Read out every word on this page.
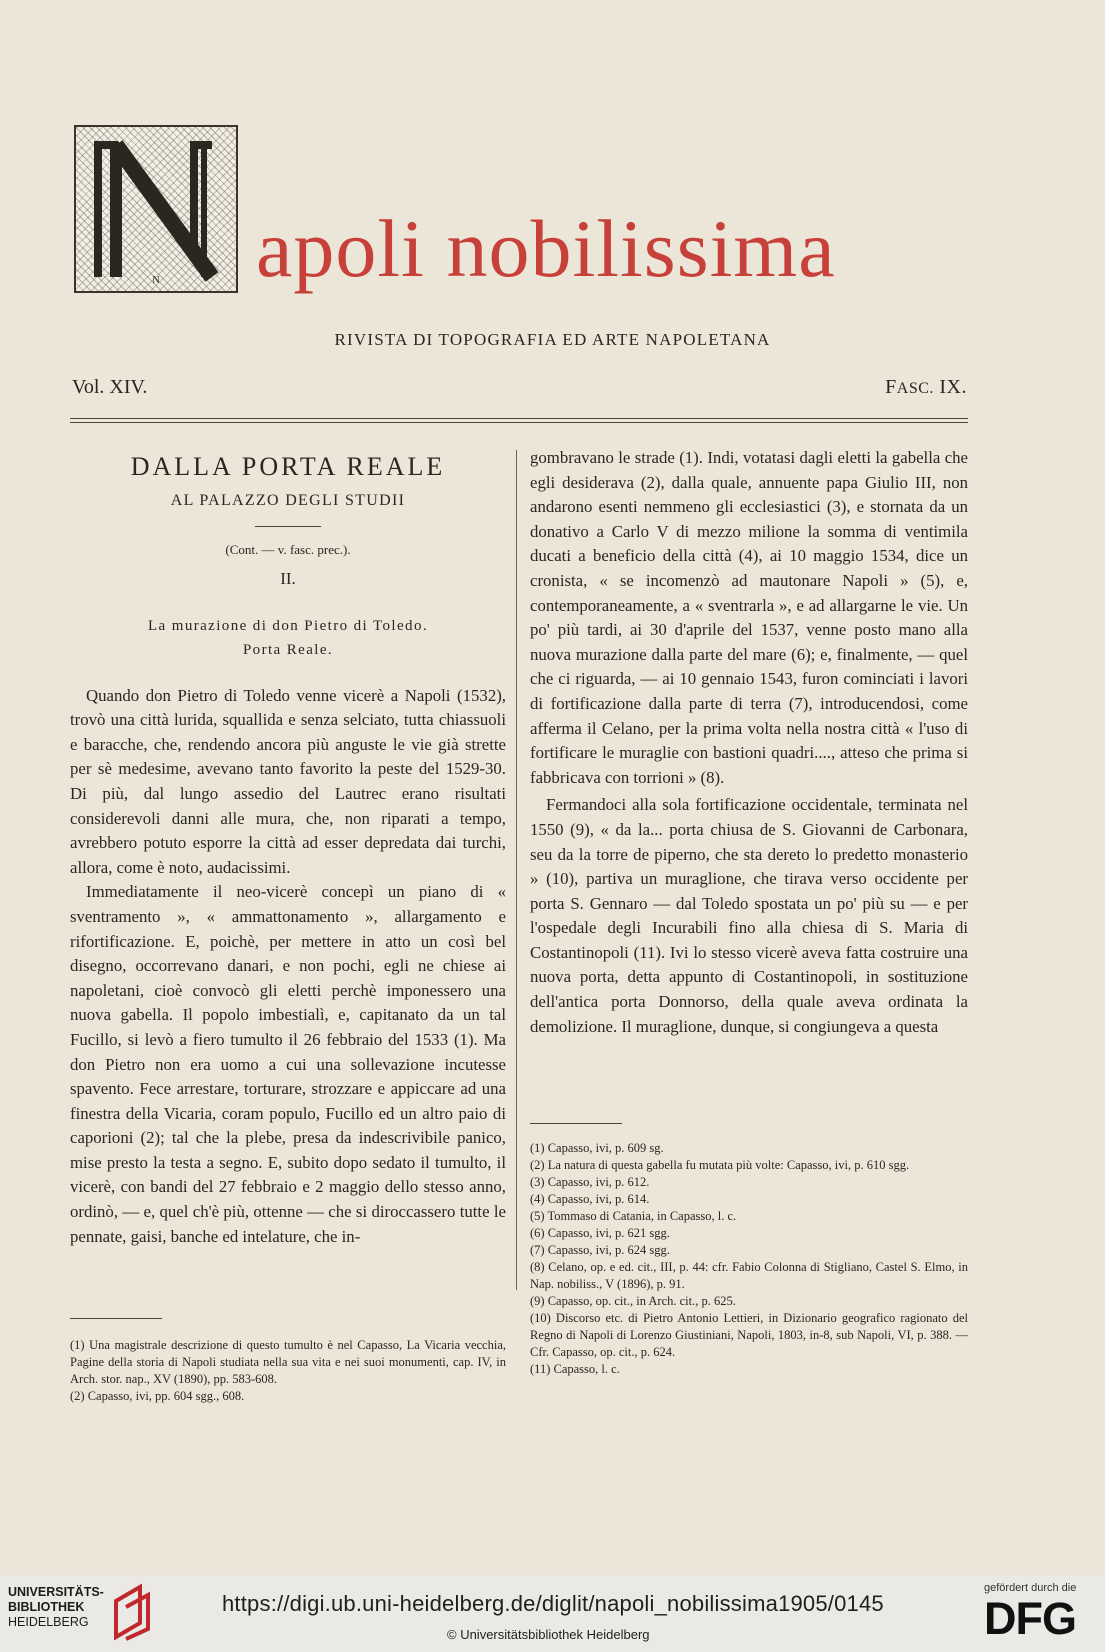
N apoli nobilissima
RIVISTA DI TOPOGRAFIA ED ARTE NAPOLETANA
Vol. XIV.	FASC. IX.
DALLA PORTA REALE
AL PALAZZO DEGLI STUDII
(Cont. — v. fasc. prec.).
II.
La murazione di don Pietro di Toledo.
Porta Reale.

Quando don Pietro di Toledo venne vicerè a Napoli (1532), trovò una città lurida, squallida e senza selciato, tutta chiassuoli e baracche, che, rendendo ancora più anguste le vie già strette per sè medesime, avevano tanto favorito la peste del 1529-30. Di più, dal lungo assedio del Lautrec erano risultati considerevoli danni alle mura, che, non riparati a tempo, avrebbero potuto esporre la città ad esser depredata dai turchi, allora, come è noto, audacissimi.

Immediatamente il neo-vicerè concepì un piano di « sventramento », « ammattonamento », allargamento e rifortificazione. E, poichè, per mettere in atto un così bel disegno, occorrevano danari, e non pochi, egli ne chiese ai napoletani, cioè convocò gli eletti perchè imponessero una nuova gabella. Il popolo imbestialì, e, capitanato da un tal Fucillo, si levò a fiero tumulto il 26 febbraio del 1533 (1). Ma don Pietro non era uomo a cui una sollevazione incutesse spavento. Fece arrestare, torturare, strozzare e appiccare ad una finestra della Vicaria, coram populo, Fucillo ed un altro paio di caporioni (2); tal che la plebe, presa da indescrivibile panico, mise presto la testa a segno. E, subito dopo sedato il tumulto, il vicerè, con bandi del 27 febbraio e 2 maggio dello stesso anno, ordinò, — e, quel ch'è più, ottenne — che si diroccassero tutte le pennate, gaisi, banche ed intelature, che in-

(1) Una magistrale descrizione di questo tumulto è nel Capasso, La Vicaria vecchia, Pagine della storia di Napoli studiata nella sua vita e nei suoi monumenti, cap. IV, in Arch. stor. nap., XV (1890), pp. 583-608.

(2) Capasso, ivi, pp. 604 sgg., 608.

gombravano le strade (1). Indi, votatasi dagli eletti la gabella che egli desiderava (2), dalla quale, annuente papa Giulio III, non andarono esenti nemmeno gli ecclesiastici (3), e stornata da un donativo a Carlo V di mezzo milione la somma di ventimila ducati a beneficio della città (4), ai 10 maggio 1534, dice un cronista, « se incomenzò ad mautonare Napoli » (5), e, contemporaneamente, a « sventrarla », e ad allargarne le vie. Un po' più tardi, ai 30 d'aprile del 1537, venne posto mano alla nuova murazione dalla parte del mare (6); e, finalmente, — quel che ci riguarda, — ai 10 gennaio 1543, furon cominciati i lavori di fortificazione dalla parte di terra (7), introducendosi, come afferma il Celano, per la prima volta nella nostra città « l'uso di fortificare le muraglie con bastioni quadri...., atteso che prima si fabbricava con torrioni » (8).

Fermandoci alla sola fortificazione occidentale, terminata nel 1550 (9), « da la... porta chiusa de S. Giovanni de Carbonara, seu da la torre de piperno, che sta dereto lo predetto monasterio » (10), partiva un muraglione, che tirava verso occidente per porta S. Gennaro — dal Toledo spostata un po' più su — e per l'ospedale degli Incurabili fino alla chiesa di S. Maria di Costantinopoli (11). Ivi lo stesso vicerè aveva fatta costruire una nuova porta, detta appunto di Costantinopoli, in sostituzione dell'antica porta Donnorso, della quale aveva ordinata la demolizione. Il muraglione, dunque, si congiungeva a questa

(1) Capasso, ivi, p. 609 sg.

(2) La natura di questa gabella fu mutata più volte: Capasso, ivi, p. 610 sgg.

(3) Capasso, ivi, p. 612.

(4) Capasso, ivi, p. 614.

(5) Tommaso di Catania, in Capasso, l. c.

(6) Capasso, ivi, p. 621 sgg.

(7) Capasso, ivi, p. 624 sgg.

(8) Celano, op. e ed. cit., III, p. 44: cfr. Fabio Colonna di Stigliano, Castel S. Elmo, in Nap. nobiliss., V (1896), p. 91.

(9) Capasso, op. cit., in Arch. cit., p. 625.

(10) Discorso etc. di Pietro Antonio Lettieri, in Dizionario geografico ragionato del Regno di Napoli di Lorenzo Giustiniani, Napoli, 1803, in-8, sub Napoli, VI, p. 388. — Cfr. Capasso, op. cit., p. 624.

(11) Capasso, l. c.

UNIVERSITÄTS-
BIBLIOTHEK
HEIDELBERG
https://digi.ub.uni-heidelberg.de/diglit/napoli_nobilissima1905/0145
© Universitätsbibliothek Heidelberg
gefördert durch die
DFG
